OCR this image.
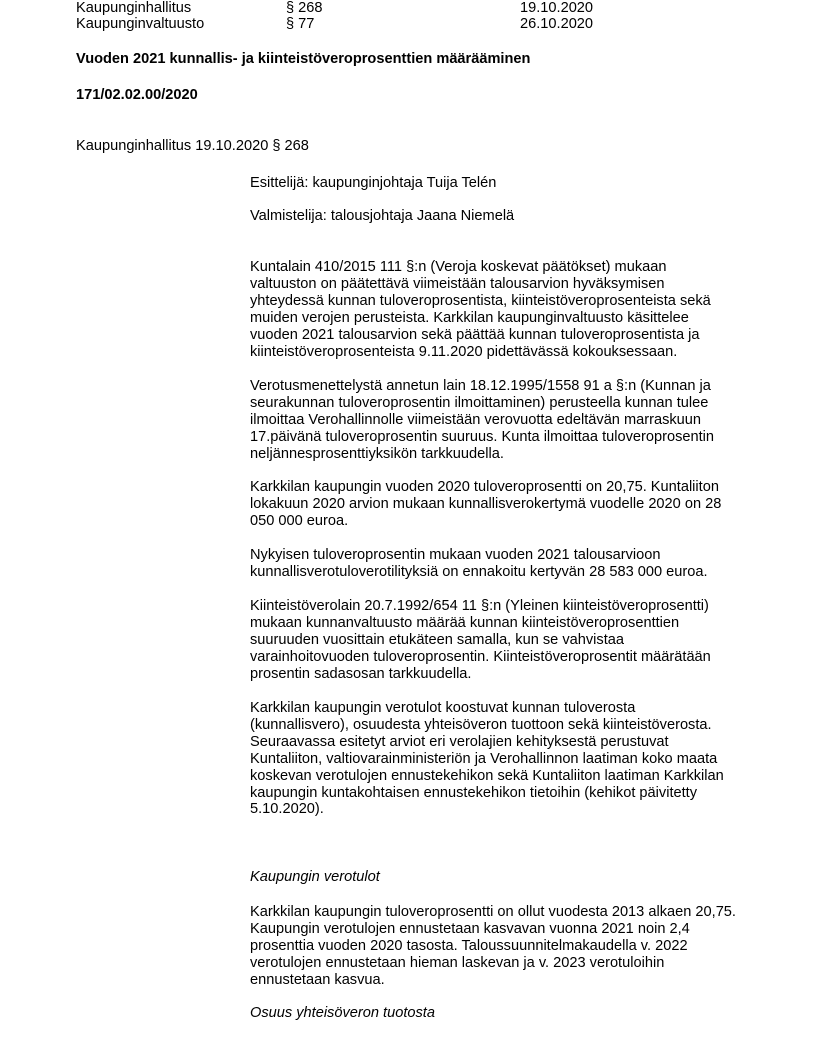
Kaupunginhallitus	§ 268	19.10.2020
Kaupunginvaltuusto	§ 77	26.10.2020
Vuoden 2021 kunnallis- ja kiinteistöveroprosenttien määrääminen
171/02.02.00/2020
Kaupunginhallitus 19.10.2020 § 268
Esittelijä: kaupunginjohtaja Tuija Telén
Valmistelija: talousjohtaja Jaana Niemelä
Kuntalain 410/2015 111 §:n (Veroja koskevat päätökset) mukaan
valtuuston on päätettävä viimeistään talousarvion hyväksymisen
yhteydessä kunnan tuloveroprosentista, kiinteistöveroprosenteista sekä
muiden verojen perusteista. Karkkilan kaupunginvaltuusto käsittelee
vuoden 2021 talousarvion sekä päättää kunnan tuloveroprosentista ja
kiinteistöveroprosenteista 9.11.2020 pidettävässä kokouksessaan.
Verotusmenettelystä annetun lain 18.12.1995/1558 91 a §:n (Kunnan ja
seurakunnan tuloveroprosentin ilmoittaminen) perusteella kunnan tulee
ilmoittaa Verohallinnolle viimeistään verovuotta edeltävän marraskuun
17.päivänä tuloveroprosentin suuruus. Kunta ilmoittaa tuloveroprosentin
neljännesprosenttiyksikön tarkkuudella.
Karkkilan kaupungin vuoden 2020 tuloveroprosentti on 20,75. Kuntaliiton
lokakuun 2020 arvion mukaan kunnallisverokertymä vuodelle 2020 on 28
050 000 euroa.
Nykyisen tuloveroprosentin mukaan vuoden 2021 talousarvioon
kunnallisverotuloverotilityksiä on ennakoitu kertyvän 28 583 000 euroa.
Kiinteistöverolain 20.7.1992/654 11 §:n (Yleinen kiinteistöveroprosentti)
mukaan kunnanvaltuusto määrää kunnan kiinteistöveroprosenttien
suuruuden vuosittain etukäteen samalla, kun se vahvistaa
varainhoitovuoden tuloveroprosentin. Kiinteistöveroprosentit määrätään
prosentin sadasosan tarkkuudella.
Karkkilan kaupungin verotulot koostuvat kunnan tuloverosta
(kunnallisvero), osuudesta yhteisöveron tuottoon sekä kiinteistöverosta.
Seuraavassa esitetyt arviot eri verolajien kehityksestä perustuvat
Kuntaliiton, valtiovarainministeriön ja Verohallinnon laatiman koko maata
koskevan verotulojen ennustekehikon sekä Kuntaliiton laatiman Karkkilan
kaupungin kuntakohtaisen ennustekehikon tietoihin (kehikot päivitetty
5.10.2020).
Kaupungin verotulot
Karkkilan kaupungin tuloveroprosentti on ollut vuodesta 2013 alkaen 20,75.
Kaupungin verotulojen ennustetaan kasvavan vuonna 2021 noin 2,4
prosenttia vuoden 2020 tasosta. Taloussuunnitelmakaudella v. 2022
verotulojen ennustetaan hieman laskevan ja v. 2023 verotuloihin
ennustetaan kasvua.
Osuus yhteisöveron tuotosta
